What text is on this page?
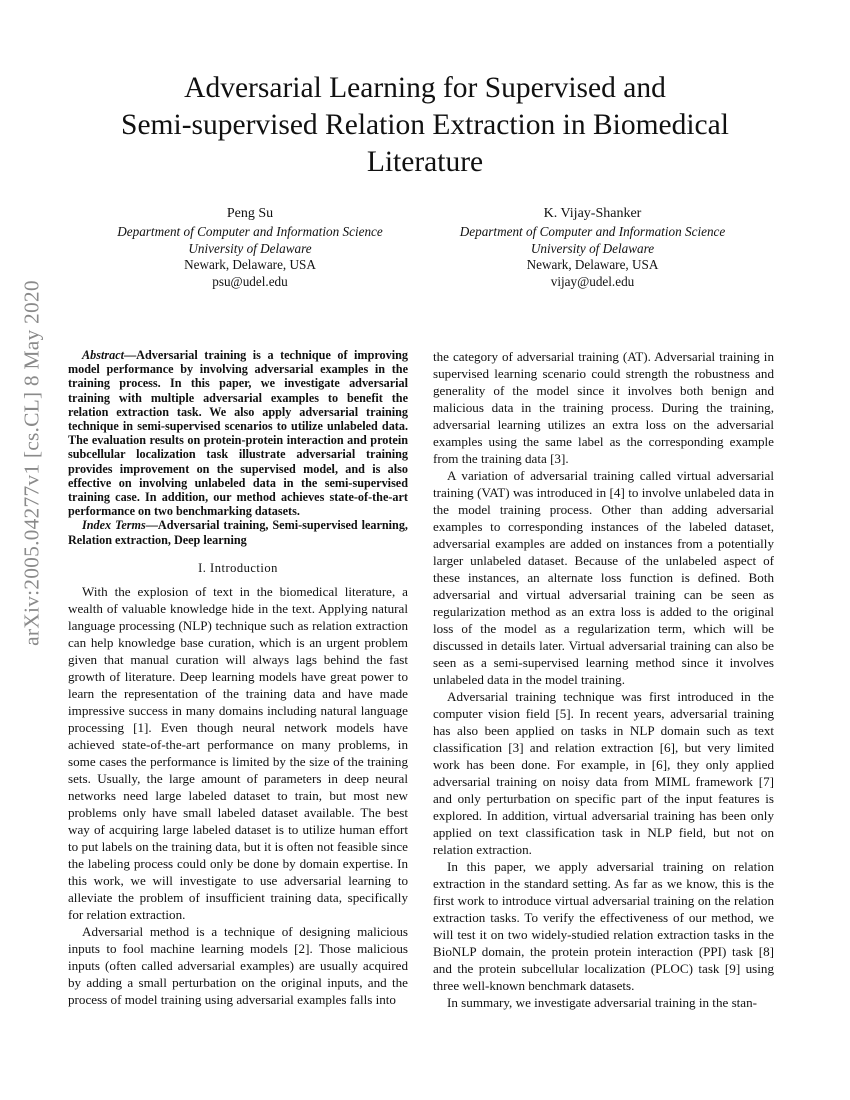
arXiv:2005.04277v1 [cs.CL] 8 May 2020
Adversarial Learning for Supervised and
Semi-supervised Relation Extraction in Biomedical
Literature
Peng Su
Department of Computer and Information Science
University of Delaware
Newark, Delaware, USA
psu@udel.edu
K. Vijay-Shanker
Department of Computer and Information Science
University of Delaware
Newark, Delaware, USA
vijay@udel.edu

Abstract—Adversarial training is a technique of improving model performance by involving adversarial examples in the training process. In this paper, we investigate adversarial training with multiple adversarial examples to benefit the relation extraction task. We also apply adversarial training technique in semi-supervised scenarios to utilize unlabeled data. The evaluation results on protein-protein interaction and protein subcellular localization task illustrate adversarial training provides improvement on the supervised model, and is also effective on involving unlabeled data in the semi-supervised training case. In addition, our method achieves state-of-the-art performance on two benchmarking datasets.

Index Terms—Adversarial training, Semi-supervised learning, Relation extraction, Deep learning

I. Introduction

With the explosion of text in the biomedical literature, a wealth of valuable knowledge hide in the text. Applying natural language processing (NLP) technique such as relation extraction can help knowledge base curation, which is an urgent problem given that manual curation will always lags behind the fast growth of literature. Deep learning models have great power to learn the representation of the training data and have made impressive success in many domains including natural language processing [1]. Even though neural network models have achieved state-of-the-art performance on many problems, in some cases the performance is limited by the size of the training sets. Usually, the large amount of parameters in deep neural networks need large labeled dataset to train, but most new problems only have small labeled dataset available. The best way of acquiring large labeled dataset is to utilize human effort to put labels on the training data, but it is often not feasible since the labeling process could only be done by domain expertise. In this work, we will investigate to use adversarial learning to alleviate the problem of insufficient training data, specifically for relation extraction.

Adversarial method is a technique of designing malicious inputs to fool machine learning models [2]. Those malicious inputs (often called adversarial examples) are usually acquired by adding a small perturbation on the original inputs, and the process of model training using adversarial examples falls into

the category of adversarial training (AT). Adversarial training in supervised learning scenario could strength the robustness and generality of the model since it involves both benign and malicious data in the training process. During the training, adversarial learning utilizes an extra loss on the adversarial examples using the same label as the corresponding example from the training data [3].

A variation of adversarial training called virtual adversarial training (VAT) was introduced in [4] to involve unlabeled data in the model training process. Other than adding adversarial examples to corresponding instances of the labeled dataset, adversarial examples are added on instances from a potentially larger unlabeled dataset. Because of the unlabeled aspect of these instances, an alternate loss function is defined. Both adversarial and virtual adversarial training can be seen as regularization method as an extra loss is added to the original loss of the model as a regularization term, which will be discussed in details later. Virtual adversarial training can also be seen as a semi-supervised learning method since it involves unlabeled data in the model training.

Adversarial training technique was first introduced in the computer vision field [5]. In recent years, adversarial training has also been applied on tasks in NLP domain such as text classification [3] and relation extraction [6], but very limited work has been done. For example, in [6], they only applied adversarial training on noisy data from MIML framework [7] and only perturbation on specific part of the input features is explored. In addition, virtual adversarial training has been only applied on text classification task in NLP field, but not on relation extraction.

In this paper, we apply adversarial training on relation extraction in the standard setting. As far as we know, this is the first work to introduce virtual adversarial training on the relation extraction tasks. To verify the effectiveness of our method, we will test it on two widely-studied relation extraction tasks in the BioNLP domain, the protein protein interaction (PPI) task [8] and the protein subcellular localization (PLOC) task [9] using three well-known benchmark datasets.

In summary, we investigate adversarial training in the stan-
